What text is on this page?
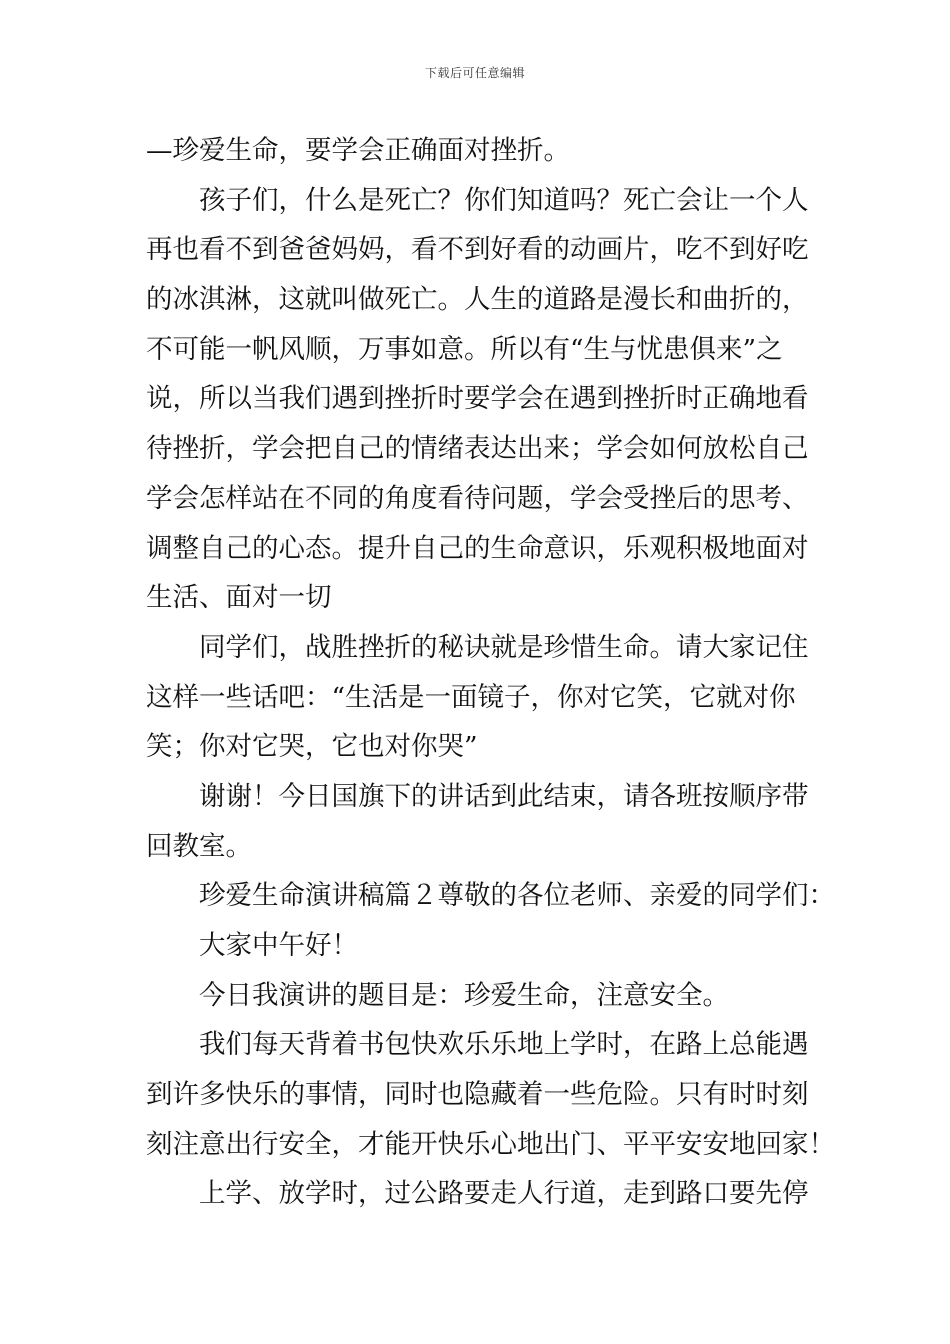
下载后可任意编辑
—珍爱生命，要学会正确面对挫折。
孩子们，什么是死亡？你们知道吗？死亡会让一个人
再也看不到爸爸妈妈，看不到好看的动画片，吃不到好吃
的冰淇淋，这就叫做死亡。人生的道路是漫长和曲折的，
不可能一帆风顺，万事如意。所以有“生与忧患俱来”之
说，所以当我们遇到挫折时要学会在遇到挫折时正确地看
待挫折，学会把自己的情绪表达出来；学会如何放松自己
学会怎样站在不同的角度看待问题，学会受挫后的思考、
调整自己的心态。提升自己的生命意识，乐观积极地面对
生活、面对一切
同学们，战胜挫折的秘诀就是珍惜生命。请大家记住
这样一些话吧：“生活是一面镜子，你对它笑，它就对你
笑；你对它哭，它也对你哭”
谢谢！今日国旗下的讲话到此结束，请各班按顺序带
回教室。
珍爱生命演讲稿篇２尊敬的各位老师、亲爱的同学们：
大家中午好！
今日我演讲的题目是：珍爱生命，注意安全。
我们每天背着书包快欢乐乐地上学时，在路上总能遇
到许多快乐的事情，同时也隐藏着一些危险。只有时时刻
刻注意出行安全，才能开快乐心地出门、平平安安地回家！
上学、放学时，过公路要走人行道，走到路口要先停
